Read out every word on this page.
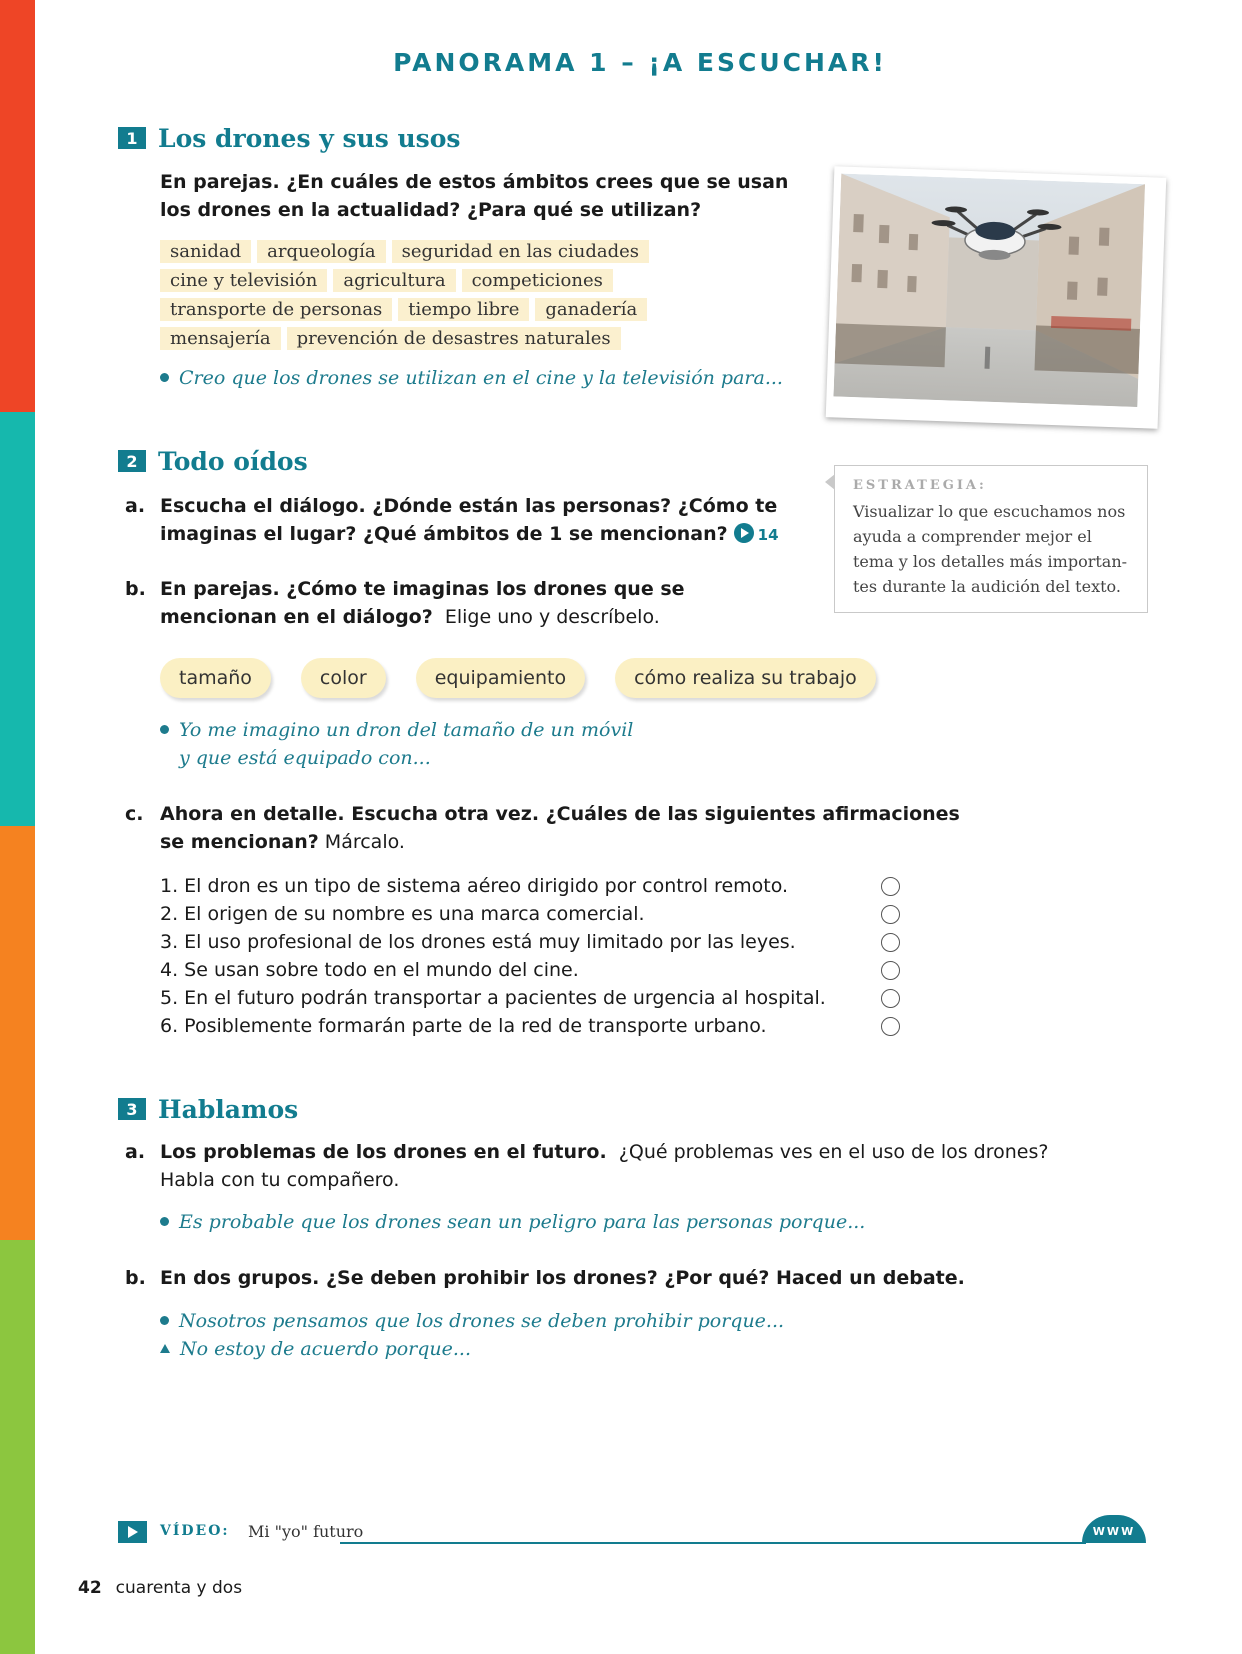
PANORAMA 1 – ¡A ESCUCHAR!
1 Los drones y sus usos
En parejas. ¿En cuáles de estos ámbitos crees que se usan
los drones en la actualidad? ¿Para qué se utilizan?
sanidad	arqueología	seguridad en las ciudades
cine y televisión	agricultura	competiciones
transporte de personas	tiempo libre	ganadería
mensajería	prevención de desastres naturales
Creo que los drones se utilizan en el cine y la televisión para...
2 Todo oídos
ESTRATEGIA:
Visualizar lo que escuchamos nos
ayuda a comprender mejor el
tema y los detalles más importan-
tes durante la audición del texto.
a. Escucha el diálogo. ¿Dónde están las personas? ¿Cómo te
imaginas el lugar? ¿Qué ámbitos de 1 se mencionan? 14
b. En parejas. ¿Cómo te imaginas los drones que se
mencionan en el diálogo? Elige uno y descríbelo.
tamaño	color	equipamiento	cómo realiza su trabajo
Yo me imagino un dron del tamaño de un móvil
y que está equipado con...
c. Ahora en detalle. Escucha otra vez. ¿Cuáles de las siguientes afirmaciones
se mencionan? Márcalo.
1. El dron es un tipo de sistema aéreo dirigido por control remoto.
2. El origen de su nombre es una marca comercial.
3. El uso profesional de los drones está muy limitado por las leyes.
4. Se usan sobre todo en el mundo del cine.
5. En el futuro podrán transportar a pacientes de urgencia al hospital.
6. Posiblemente formarán parte de la red de transporte urbano.
3 Hablamos
a. Los problemas de los drones en el futuro. ¿Qué problemas ves en el uso de los drones?
Habla con tu compañero.
Es probable que los drones sean un peligro para las personas porque...
b. En dos grupos. ¿Se deben prohibir los drones? ¿Por qué? Haced un debate.
Nosotros pensamos que los drones se deben prohibir porque...
No estoy de acuerdo porque...
VÍDEO: Mi "yo" futuro	WWW
42 cuarenta y dos
